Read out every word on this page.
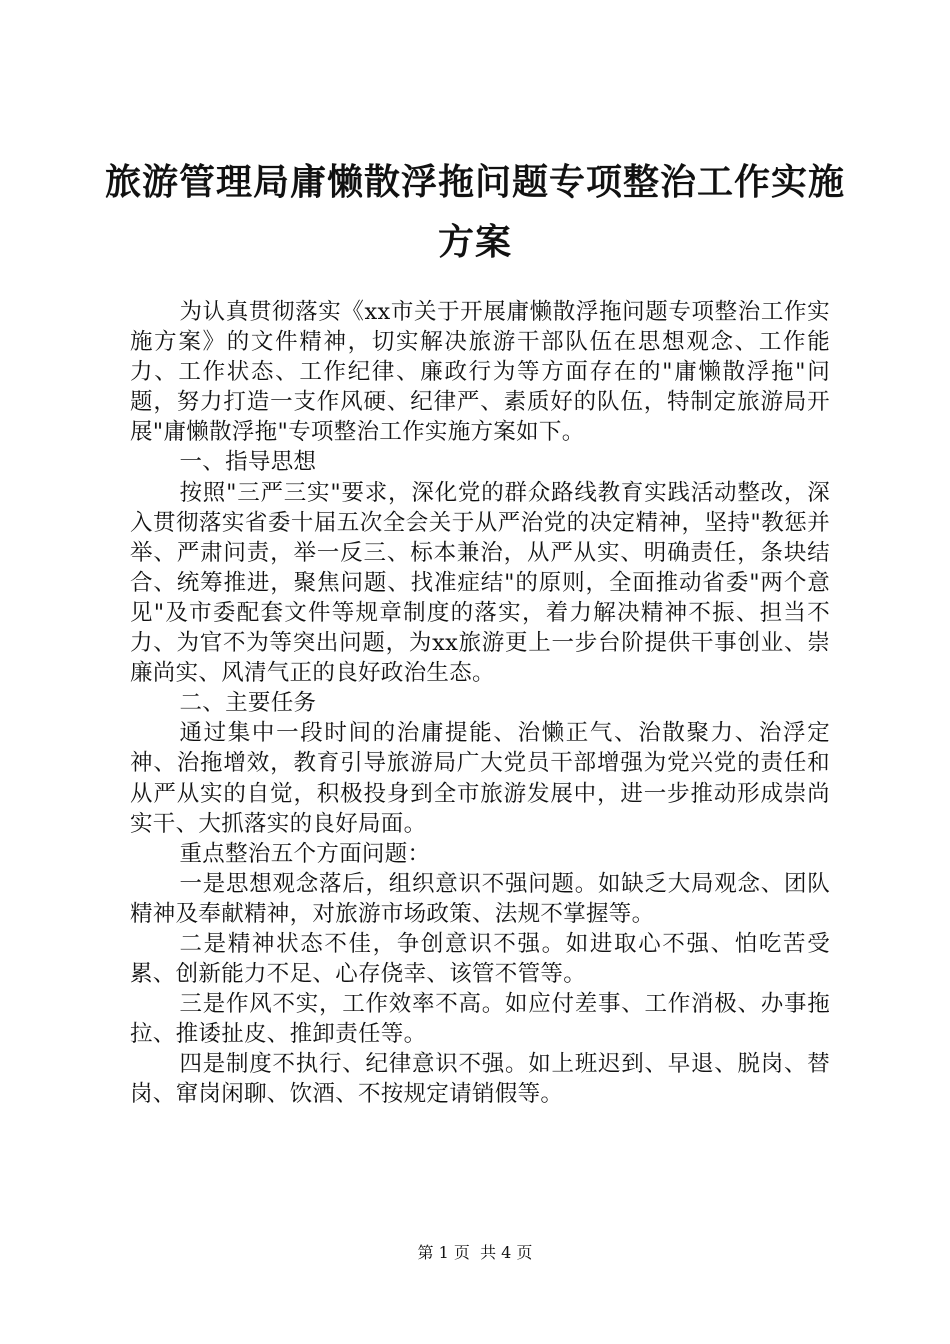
旅游管理局庸懒散浮拖问题专项整治工作实施
方案

为认真贯彻落实《xx市关于开展庸懒散浮拖问题专项整治工作实施方案》的文件精神，切实解决旅游干部队伍在思想观念、工作能力、工作状态、工作纪律、廉政行为等方面存在的"庸懒散浮拖"问题，努力打造一支作风硬、纪律严、素质好的队伍，特制定旅游局开展"庸懒散浮拖"专项整治工作实施方案如下。

一、指导思想

按照"三严三实"要求，深化党的群众路线教育实践活动整改，深入贯彻落实省委十届五次全会关于从严治党的决定精神，坚持"教惩并举、严肃问责，举一反三、标本兼治，从严从实、明确责任，条块结合、统筹推进，聚焦问题、找准症结"的原则，全面推动省委"两个意见"及市委配套文件等规章制度的落实，着力解决精神不振、担当不力、为官不为等突出问题，为xx旅游更上一步台阶提供干事创业、崇廉尚实、风清气正的良好政治生态。

二、主要任务

通过集中一段时间的治庸提能、治懒正气、治散聚力、治浮定神、治拖增效，教育引导旅游局广大党员干部增强为党兴党的责任和从严从实的自觉，积极投身到全市旅游发展中，进一步推动形成崇尚实干、大抓落实的良好局面。

重点整治五个方面问题：

一是思想观念落后，组织意识不强问题。如缺乏大局观念、团队精神及奉献精神，对旅游市场政策、法规不掌握等。

二是精神状态不佳，争创意识不强。如进取心不强、怕吃苦受累、创新能力不足、心存侥幸、该管不管等。

三是作风不实，工作效率不高。如应付差事、工作消极、办事拖拉、推诿扯皮、推卸责任等。

四是制度不执行、纪律意识不强。如上班迟到、早退、脱岗、替岗、窜岗闲聊、饮酒、不按规定请销假等。

第 1 页  共 4 页
